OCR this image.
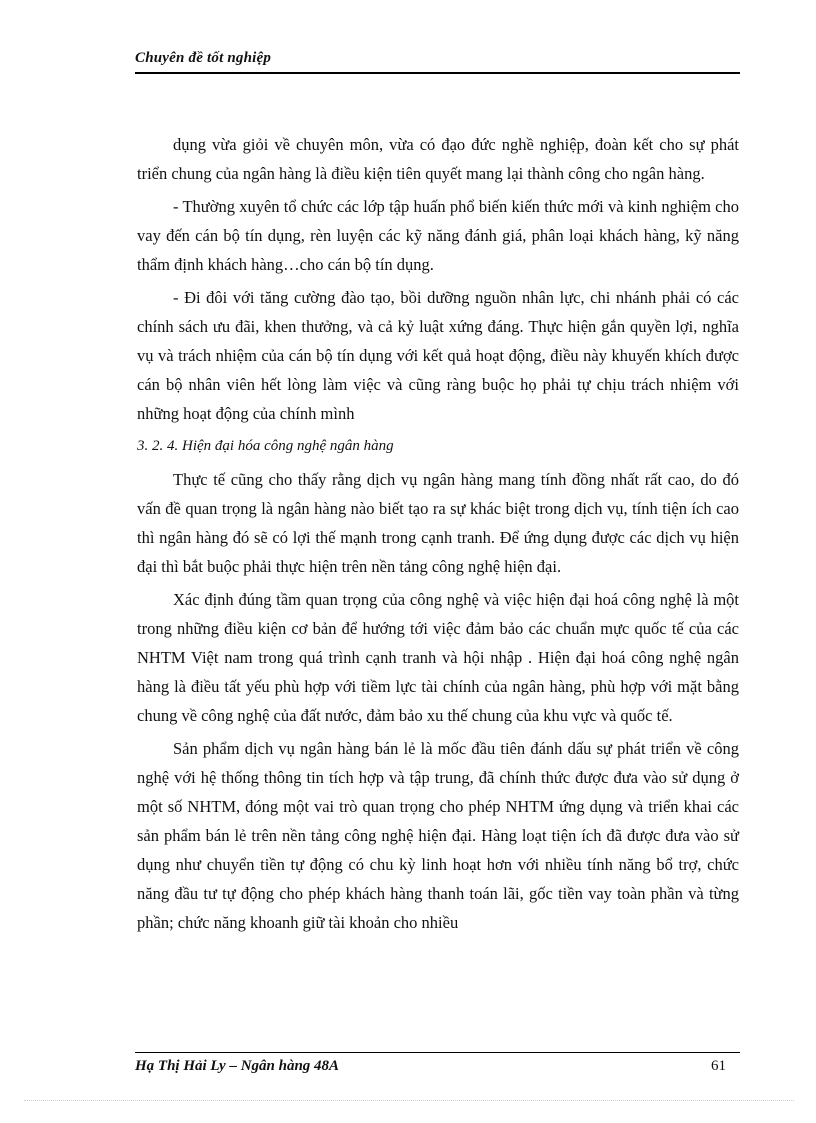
Chuyên đề tốt nghiệp

dụng vừa giỏi về chuyên môn, vừa có đạo đức nghề nghiệp, đoàn kết cho sự phát triển chung của ngân hàng là điều kiện tiên quyết mang lại thành công cho ngân hàng.

- Thường xuyên tổ chức các lớp tập huấn phổ biến kiến thức mới và kinh nghiệm cho vay đến cán bộ tín dụng, rèn luyện các kỹ năng đánh giá, phân loại khách hàng, kỹ năng thẩm định khách hàng…cho cán bộ tín dụng.

- Đi đôi với tăng cường đào tạo, bồi dưỡng nguồn nhân lực, chi nhánh phải có các chính sách ưu đãi, khen thưởng, và cả kỷ luật xứng đáng. Thực hiện gắn quyền lợi, nghĩa vụ và trách nhiệm của cán bộ tín dụng với kết quả hoạt động, điều này khuyến khích được cán bộ nhân viên hết lòng làm việc và cũng ràng buộc họ phải tự chịu trách nhiệm với những hoạt động của chính mình

3. 2. 4. Hiện đại hóa công nghệ ngân hàng

Thực tế cũng cho thấy rằng dịch vụ ngân hàng mang tính đồng nhất rất cao, do đó vấn đề quan trọng là ngân hàng nào biết tạo ra sự khác biệt trong dịch vụ, tính tiện ích cao thì ngân hàng đó sẽ có lợi thế mạnh trong cạnh tranh. Để ứng dụng được các dịch vụ hiện đại thì bắt buộc phải thực hiện trên nền tảng công nghệ hiện đại.

Xác định đúng tầm quan trọng của công nghệ và việc hiện đại hoá công nghệ là một trong những điều kiện cơ bản để hướng tới việc đảm bảo các chuẩn mực quốc tế của các NHTM Việt nam trong quá trình cạnh tranh và hội nhập . Hiện đại hoá công nghệ ngân hàng là điều tất yếu phù hợp với tiềm lực tài chính của ngân hàng, phù hợp với mặt bằng chung về công nghệ của đất nước, đảm bảo xu thế chung của khu vực và quốc tế.

Sản phẩm dịch vụ ngân hàng bán lẻ là mốc đầu tiên đánh dấu sự phát triển về công nghệ với hệ thống thông tin tích hợp và tập trung, đã chính thức được đưa vào sử dụng ở một số NHTM, đóng một vai trò quan trọng cho phép NHTM ứng dụng và triển khai các sản phẩm bán lẻ trên nền tảng công nghệ hiện đại. Hàng loạt tiện ích đã được đưa vào sử dụng như chuyển tiền tự động có chu kỳ linh hoạt hơn với nhiều tính năng bổ trợ, chức năng đầu tư tự động cho phép khách hàng thanh toán lãi, gốc tiền vay toàn phần và từng phần; chức năng khoanh giữ tài khoản cho nhiều

Hạ Thị Hải Ly – Ngân hàng 48A	61
